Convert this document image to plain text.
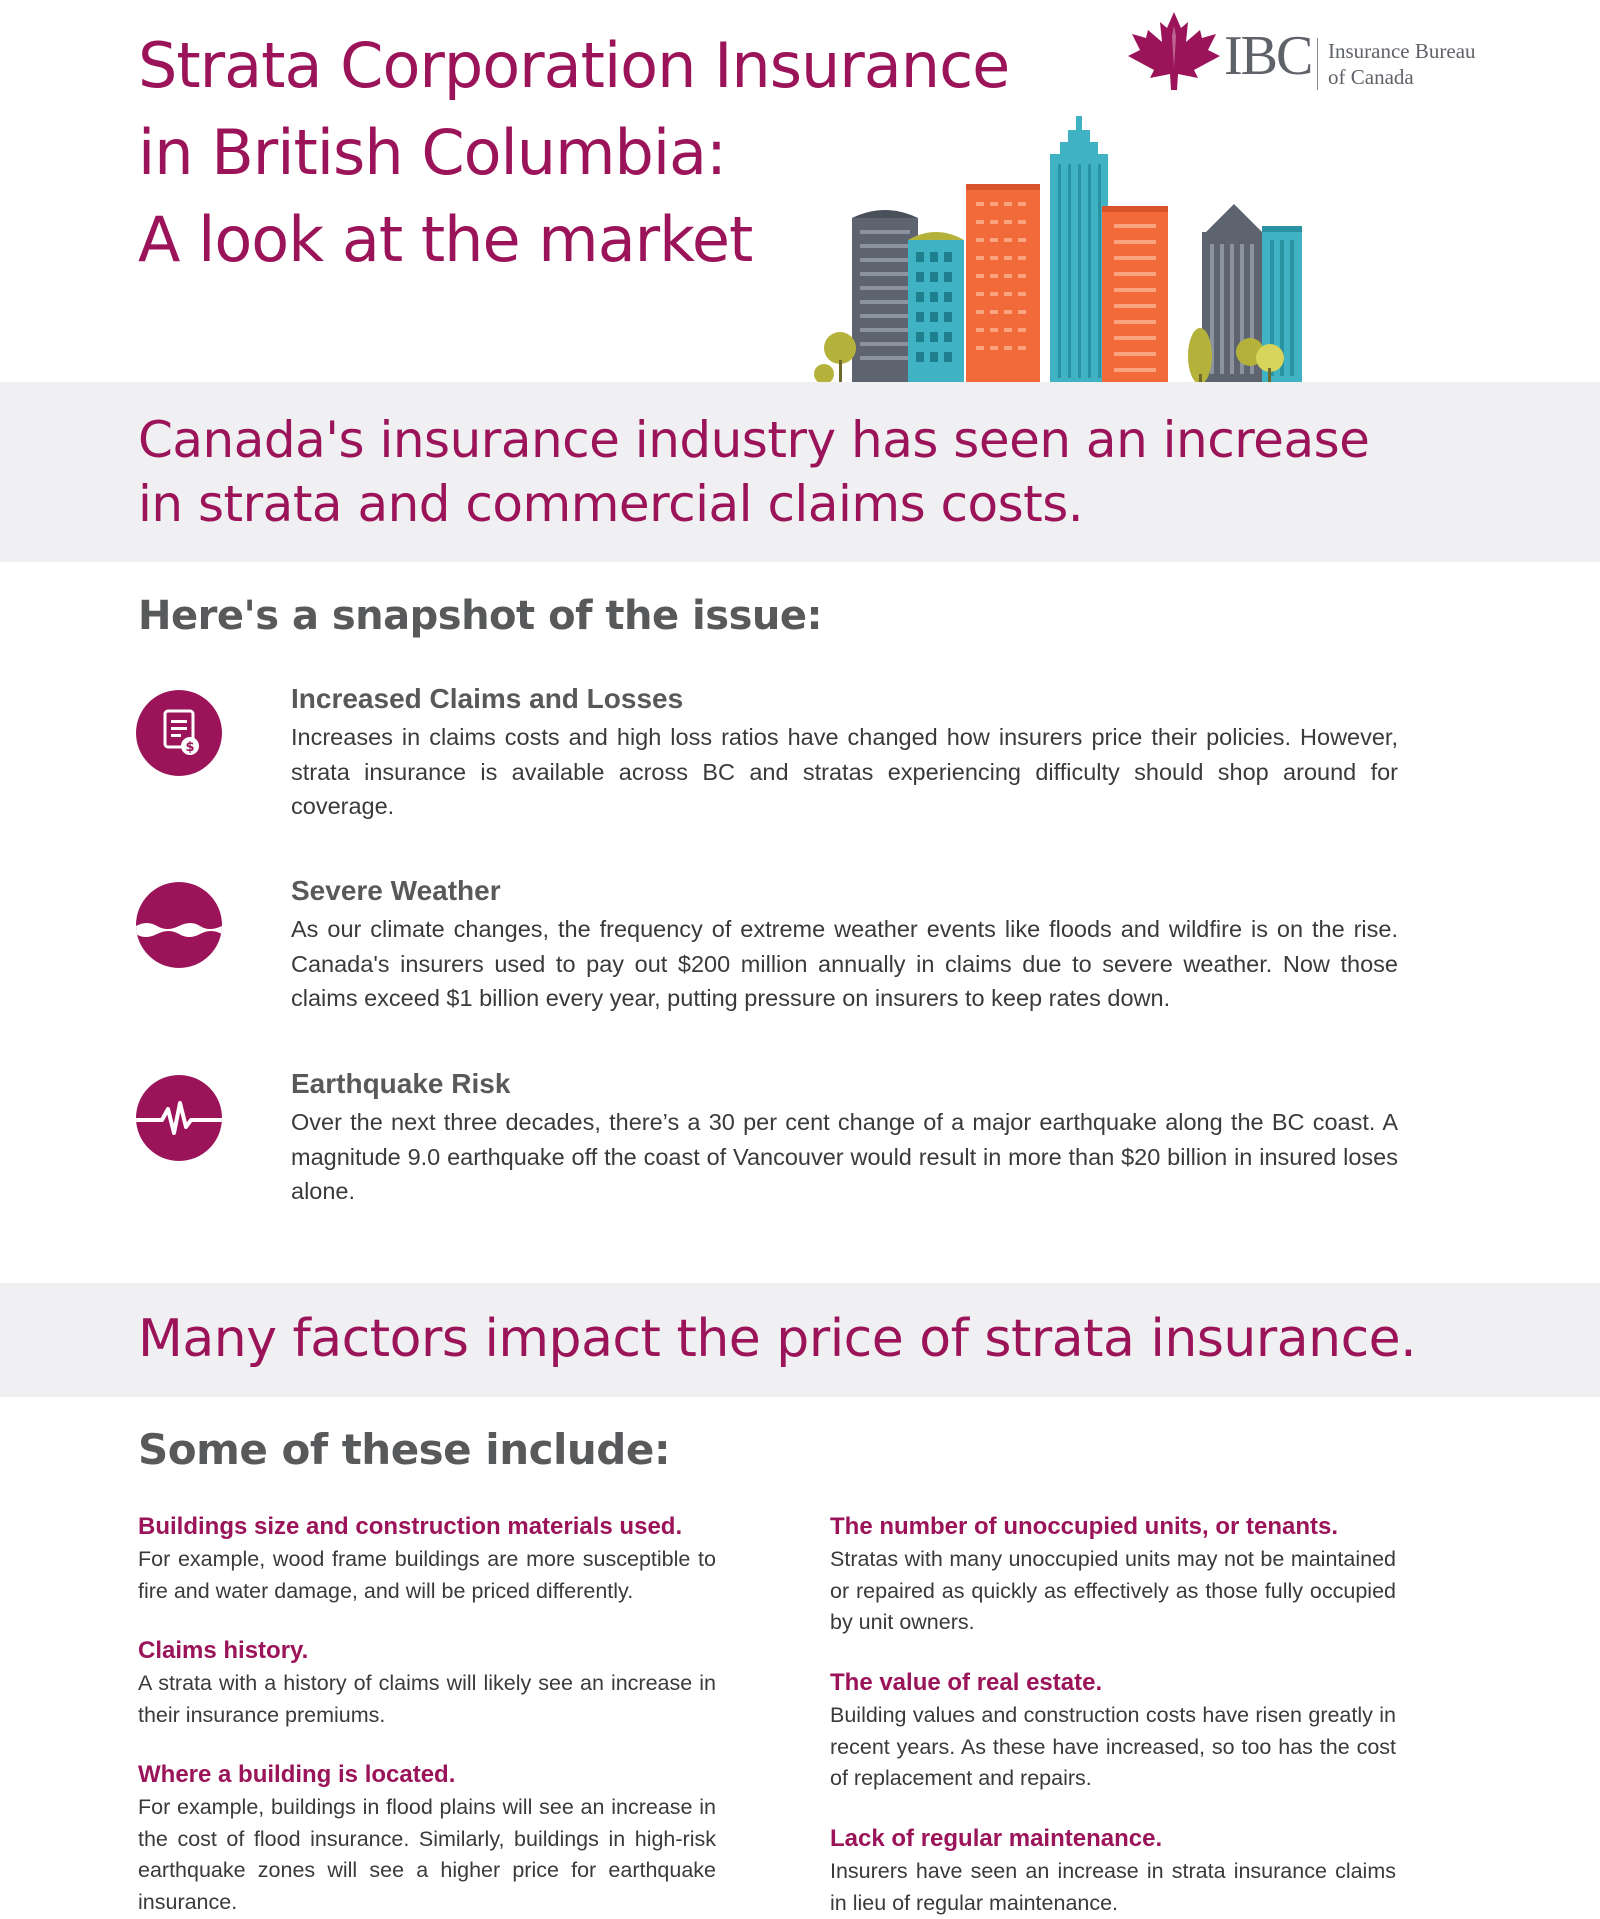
Strata Corporation Insurance
in British Columbia:
A look at the market
IBC Insurance Bureau
of Canada
Canada's insurance industry has seen an increase
in strata and commercial claims costs.
Here's a snapshot of the issue:
$
Increased Claims and Losses

Increases in claims costs and high loss ratios have changed how insurers price their policies. However, strata insurance is available across BC and stratas experiencing difficulty should shop around for coverage.

Severe Weather

As our climate changes, the frequency of extreme weather events like floods and wildfire is on the rise. Canada's insurers used to pay out $200 million annually in claims due to severe weather. Now those claims exceed $1 billion every year, putting pressure on insurers to keep rates down.

Earthquake Risk

Over the next three decades, there’s a 30 per cent change of a major earthquake along the BC coast. A magnitude 9.0 earthquake off the coast of Vancouver would result in more than $20 billion in insured loses alone.

Many factors impact the price of strata insurance.
Some of these include:
Buildings size and construction materials used.

For example, wood frame buildings are more susceptible to fire and water damage, and will be priced differently.

Claims history.

A strata with a history of claims will likely see an increase in their insurance premiums.

Where a building is located.

For example, buildings in flood plains will see an increase in the cost of flood insurance. Similarly, buildings in high-risk earthquake zones will see a higher price for earthquake insurance.

The number of unoccupied units, or tenants.

Stratas with many unoccupied units may not be maintained or repaired as quickly as effectively as those fully occupied by unit owners.

The value of real estate.

Building values and construction costs have risen greatly in recent years. As these have increased, so too has the cost of replacement and repairs.

Lack of regular maintenance.

Insurers have seen an increase in strata insurance claims in lieu of regular maintenance.
